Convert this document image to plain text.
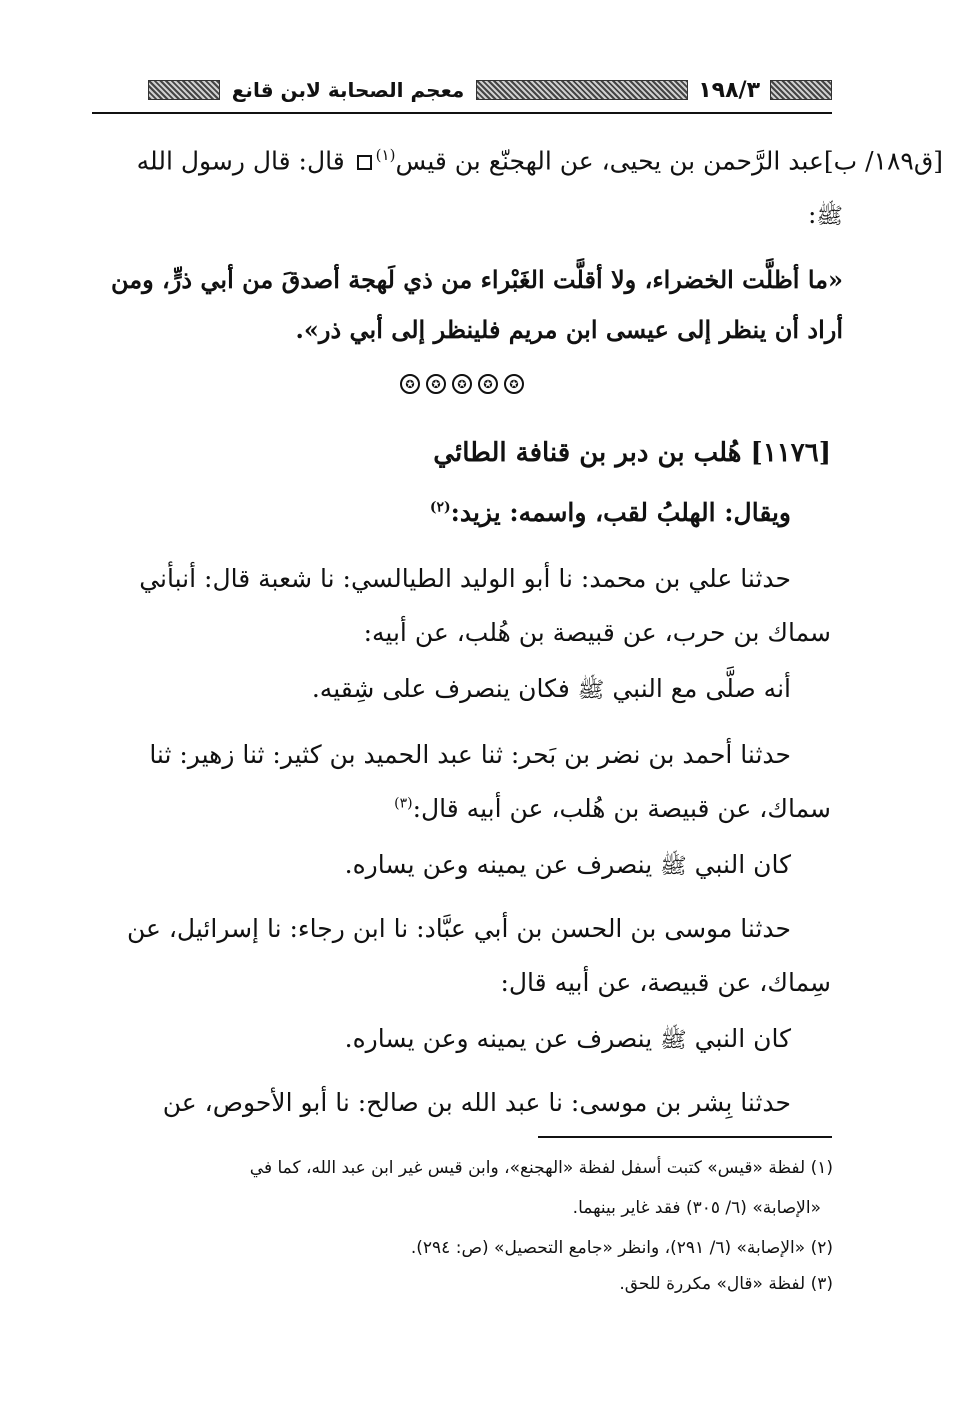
١٩٨/٣
معجم الصحابة لابن قانع
[ق١٨٩/ ب]عبد الرَّحمن بن يحيى، عن الهجنّع بن قيس$^{(١)}$ قال: قال رسول الله
ﷺ:
«ما أظلَّت الخضراء، ولا أقلَّت الغَبْراء من ذي لَهجة أصدقَ من أبي ذرٍّ، ومن
أراد أن ينظر إلى عيسى ابن مريم فلينظر إلى أبي ذر».
✪	✪	✪	✪	✪
[١١٧٦] هُلب بن دبر بن قنافة الطائي
ويقال: الهلبُ لقب، واسمه: يزيد:$^{(٢)}$
حدثنا علي بن محمد: نا أبو الوليد الطيالسي: نا شعبة قال: أنبأني
سماك بن حرب، عن قبيصة بن هُلب، عن أبيه:
أنه صلَّى مع النبي ﷺ فكان ينصرف على شِقيه.
حدثنا أحمد بن نضر بن بَحر: ثنا عبد الحميد بن كثير: ثنا زهير: ثنا
سماك، عن قبيصة بن هُلب، عن أبيه قال:$^{(٣)}$
كان النبي ﷺ ينصرف عن يمينه وعن يساره.
حدثنا موسى بن الحسن بن أبي عبَّاد: نا ابن رجاء: نا إسرائيل، عن
سِماك، عن قبيصة، عن أبيه قال:
كان النبي ﷺ ينصرف عن يمينه وعن يساره.
حدثنا بِشر بن موسى: نا عبد الله بن صالح: نا أبو الأحوص، عن
(١) لفظة «قيس» كتبت أسفل لفظة «الهجنع»، وابن قيس غير ابن عبد الله، كما في
«الإصابة» (٦/ ٣٠٥) فقد غاير بينهما.
(٢) «الإصابة» (٦/ ٢٩١)، وانظر «جامع التحصيل» (ص: ٢٩٤).
(٣) لفظة «قال» مكررة للحق.
